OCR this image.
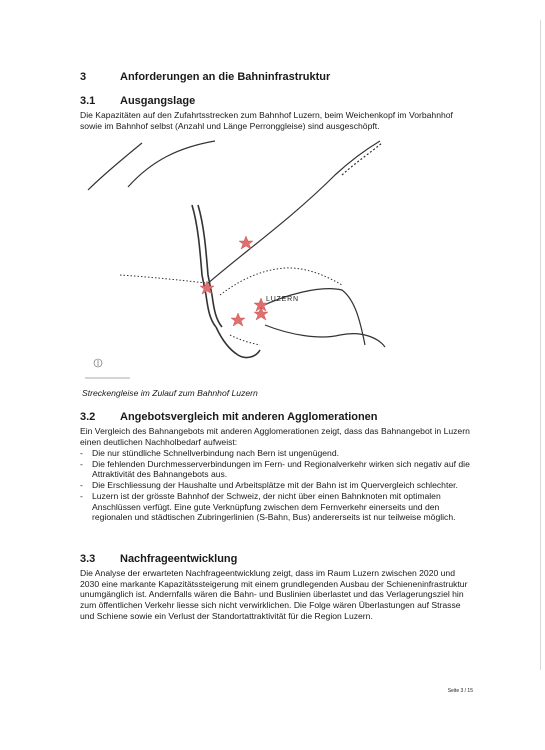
3	Anforderungen an die Bahninfrastruktur
3.1 Ausgangslage
Die Kapazitäten auf den Zufahrtsstrecken zum Bahnhof Luzern, beim Weichenkopf im Vorbahnhof sowie im Bahnhof selbst (Anzahl und Länge Perronggleise) sind ausgeschöpft.
LUZERN
Streckengleise im Zulauf zum Bahnhof Luzern
3.2 Angebotsvergleich mit anderen Agglomerationen
Ein Vergleich des Bahnangebots mit anderen Agglomerationen zeigt, dass das Bahnangebot in Luzern einen deutlichen Nachholbedarf aufweist:
- Die nur stündliche Schnellverbindung nach Bern ist ungenügend.
- Die fehlenden Durchmesserverbindungen im Fern- und Regionalverkehr wirken sich negativ auf die Attraktivität des Bahnangebots aus.
- Die Erschliessung der Haushalte und Arbeitsplätze mit der Bahn ist im Quervergleich schlechter.
- Luzern ist der grösste Bahnhof der Schweiz, der nicht über einen Bahnknoten mit optimalen Anschlüssen verfügt. Eine gute Verknüpfung zwischen dem Fernverkehr einerseits und den regionalen und städtischen Zubringerlinien (S-Bahn, Bus) andererseits ist nur teilweise möglich.
3.3 Nachfrageentwicklung
Die Analyse der erwarteten Nachfrageentwicklung zeigt, dass im Raum Luzern zwischen 2020 und 2030 eine markante Kapazitätssteigerung mit einem grundlegenden Ausbau der Schieneninfrastruktur unumgänglich ist. Andernfalls wären die Bahn- und Buslinien überlastet und das Verlagerungsziel hin zum öffentlichen Verkehr liesse sich nicht verwirklichen. Die Folge wären Überlastungen auf Strasse und Schiene sowie ein Verlust der Standortattraktivität für die Region Luzern.
Seite 3 / 15
